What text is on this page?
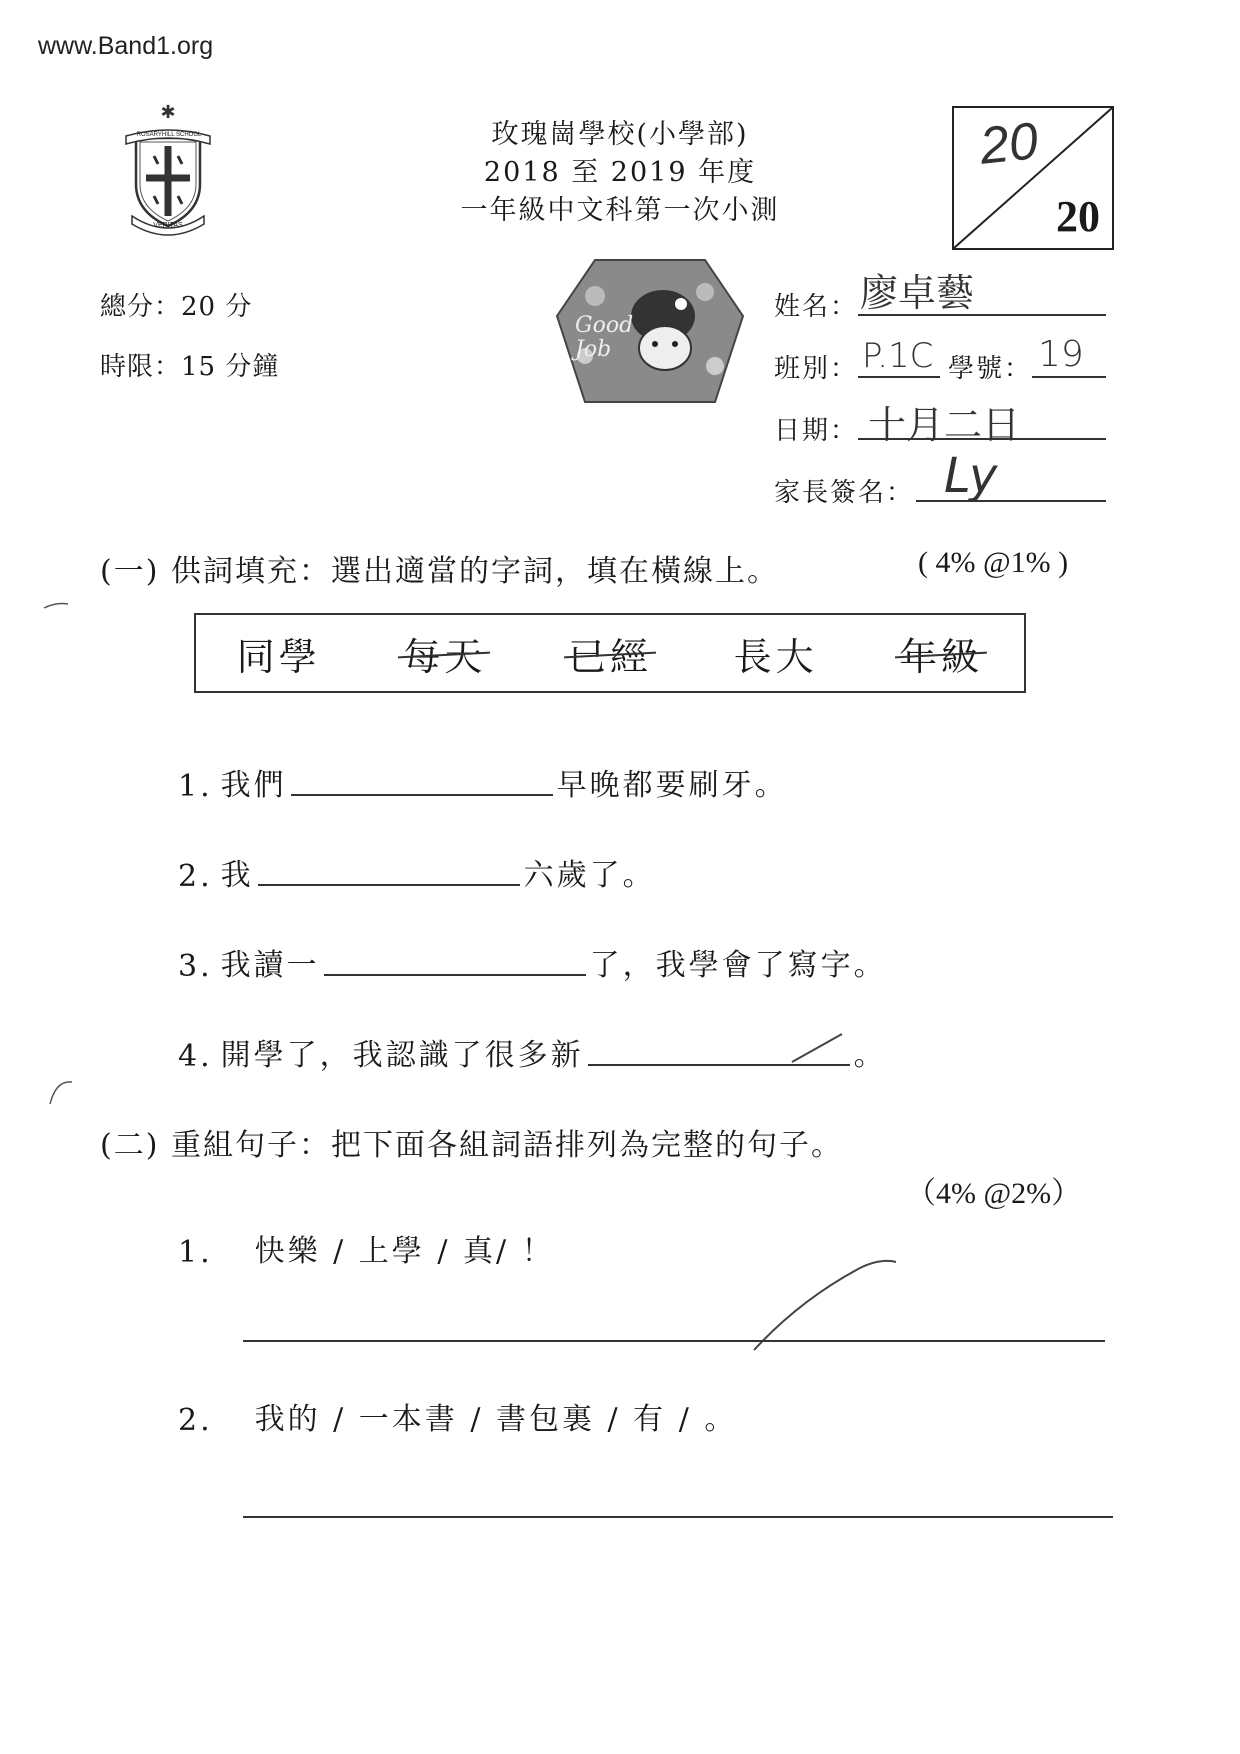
www.Band1.org
✱
ROSARYHILL SCHOOL
VERITAS
玫瑰崗學校(小學部)
2018 至 2019 年度
一年級中文科第一次小測
20
20
總分：20 分
時限：15 分鐘
Good Job
姓名： 廖卓藝
班別： P.1C 學號： 19
日期： 十月二日
家長簽名： Ly
(一) 供詞填充：選出適當的字詞，填在橫線上。	( 4% @1% )
同學 每天 已經 長大 年級
1. 我們	早晚都要刷牙。
2. 我	六歲了。
3. 我讀一	了，我學會了寫字。
4. 開學了，我認識了很多新	。
(二) 重組句子：把下面各組詞語排列為完整的句子。
（4% @2%）
1. 快樂 / 上學 / 真/ ！
2. 我的 / 一本書 / 書包裏 / 有 / 。
